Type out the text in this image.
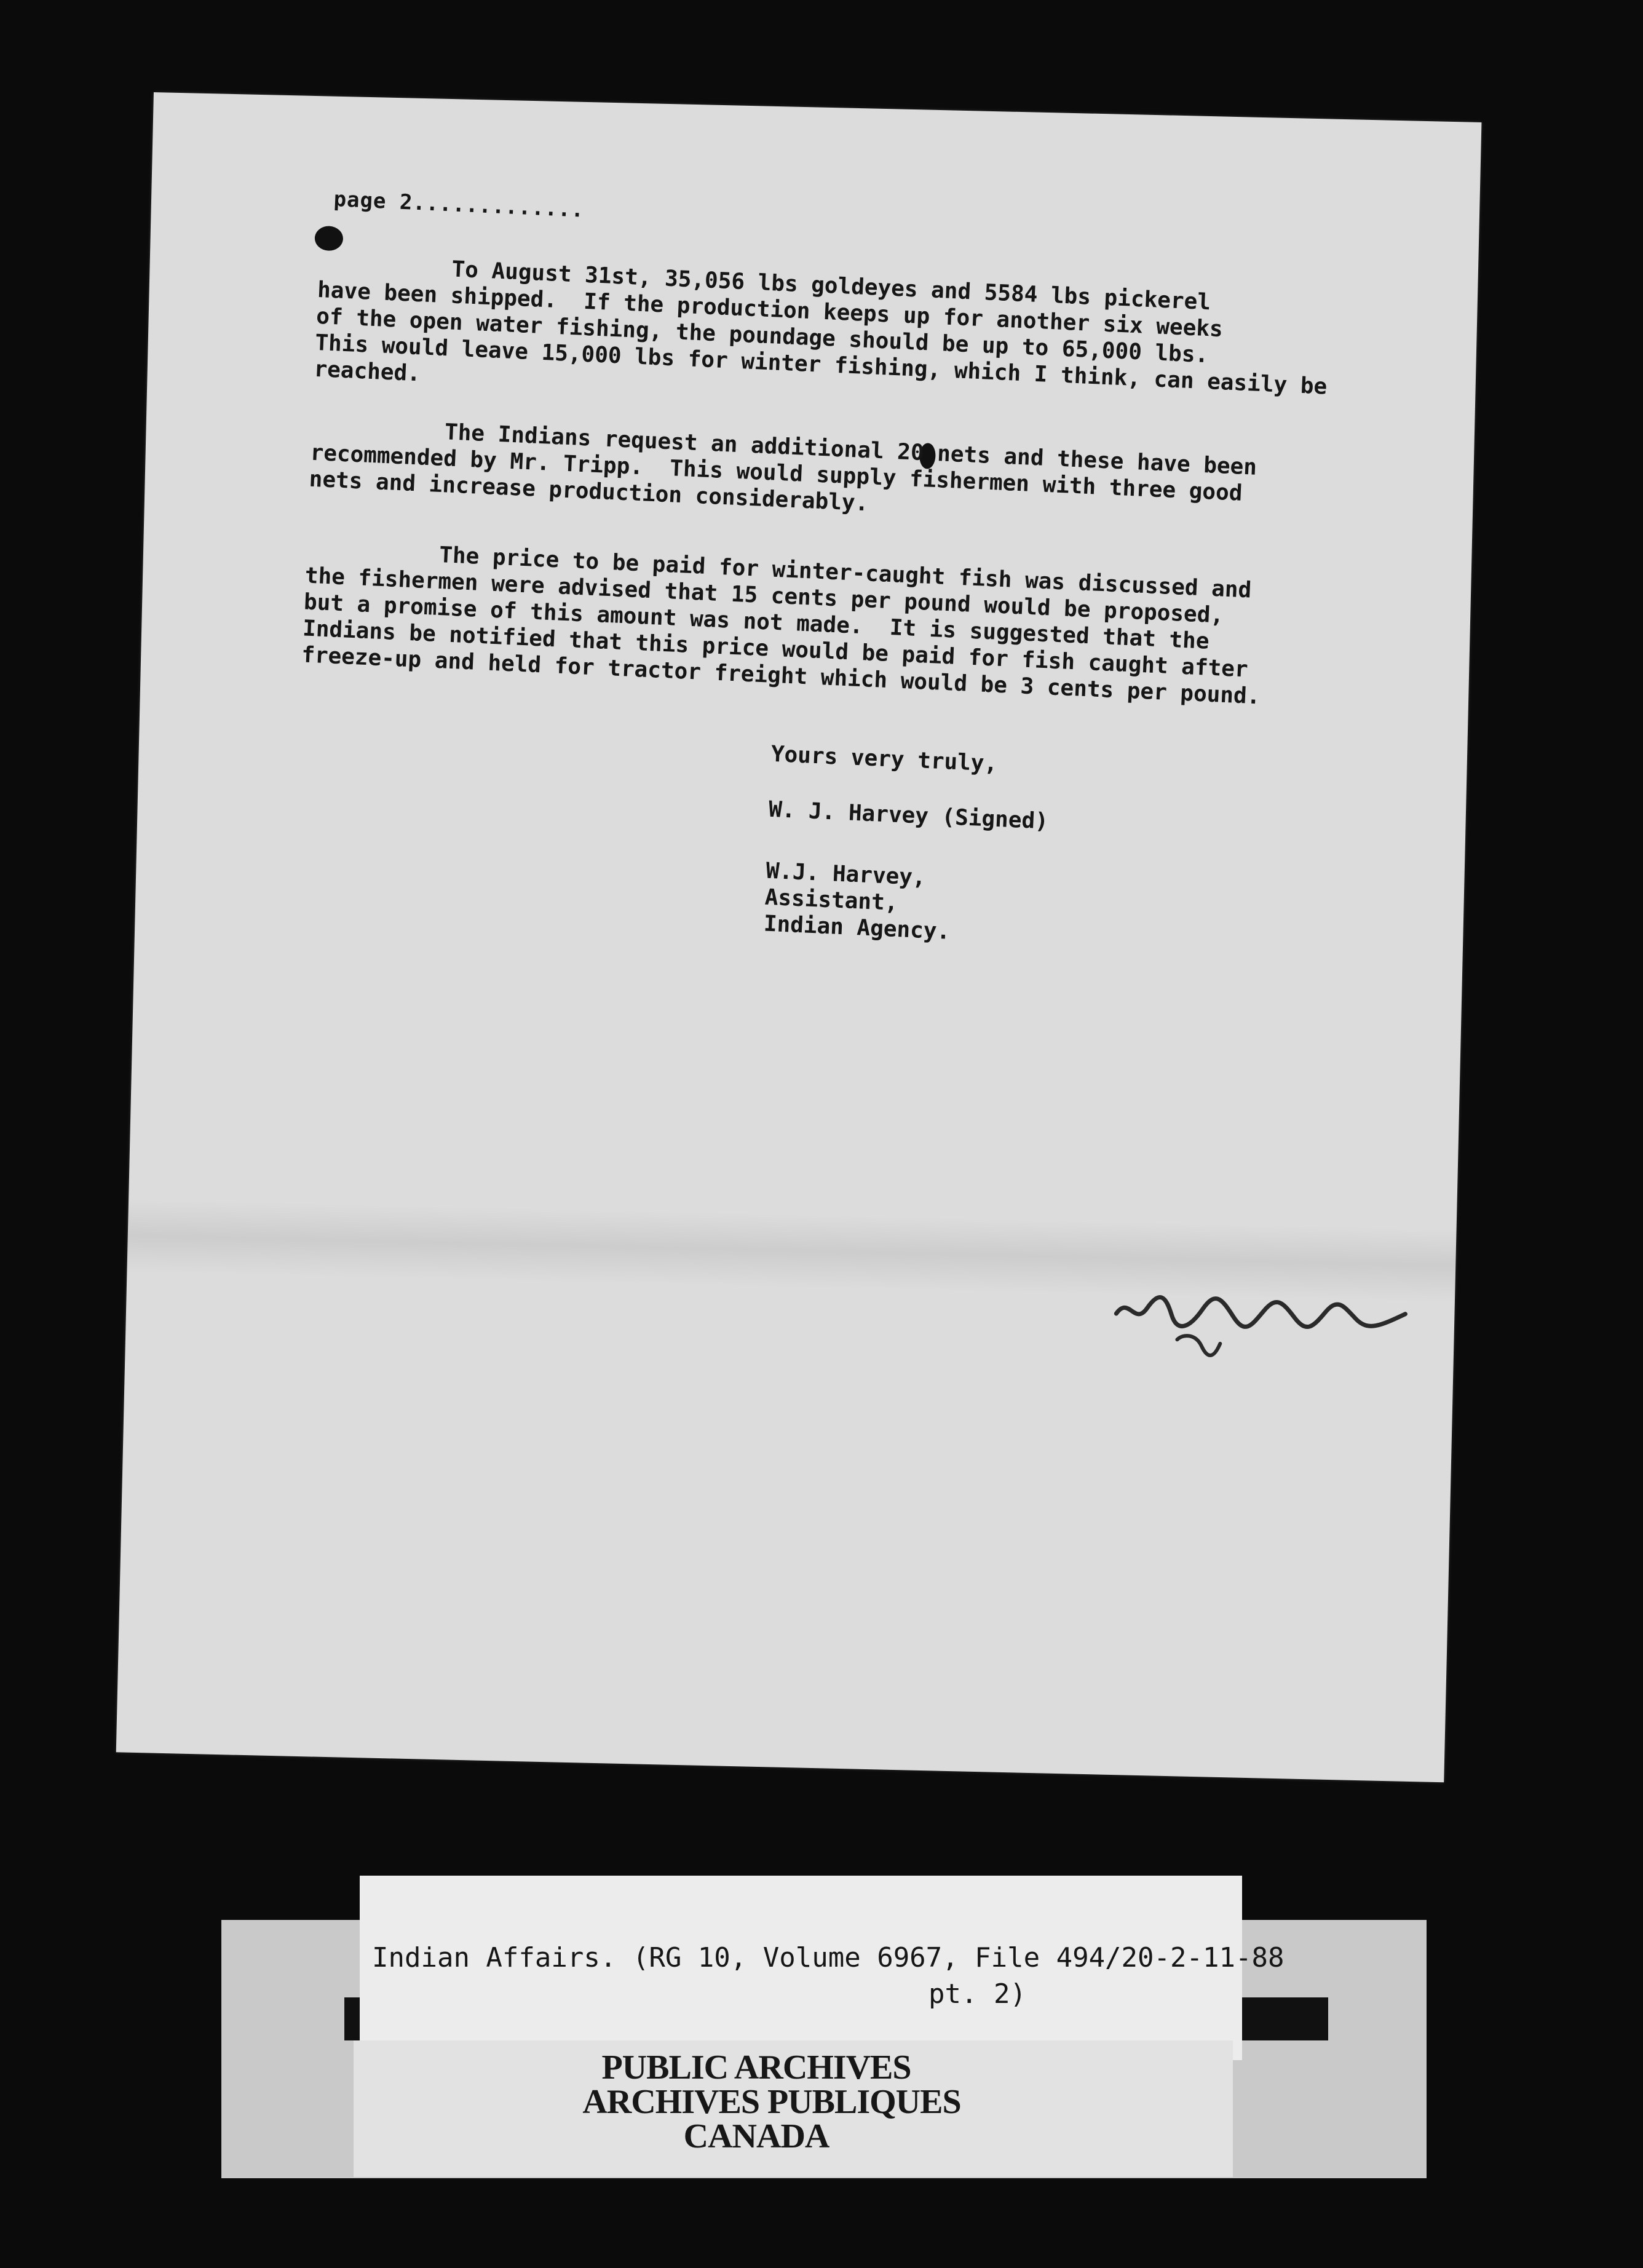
page 2.............
To August 31st, 35,056 lbs goldeyes and 5584 lbs pickerel
have been shipped.  If the production keeps up for another six weeks
of the open water fishing, the poundage should be up to 65,000 lbs.
This would leave 15,000 lbs for winter fishing, which I think, can easily be
reached.
The Indians request an additional 20 nets and these have been
recommended by Mr. Tripp.  This would supply fishermen with three good
nets and increase production considerably.
The price to be paid for winter-caught fish was discussed and
the fishermen were advised that 15 cents per pound would be proposed,
but a promise of this amount was not made.  It is suggested that the
Indians be notified that this price would be paid for fish caught after
freeze-up and held for tractor freight which would be 3 cents per pound.
Yours very truly,
W. J. Harvey (Signed)
W.J. Harvey,
Assistant,
Indian Agency.
Indian Affairs. (RG 10, Volume 6967, File 494/20-2-11-88
pt. 2)
PUBLIC ARCHIVES
ARCHIVES PUBLIQUES
CANADA
